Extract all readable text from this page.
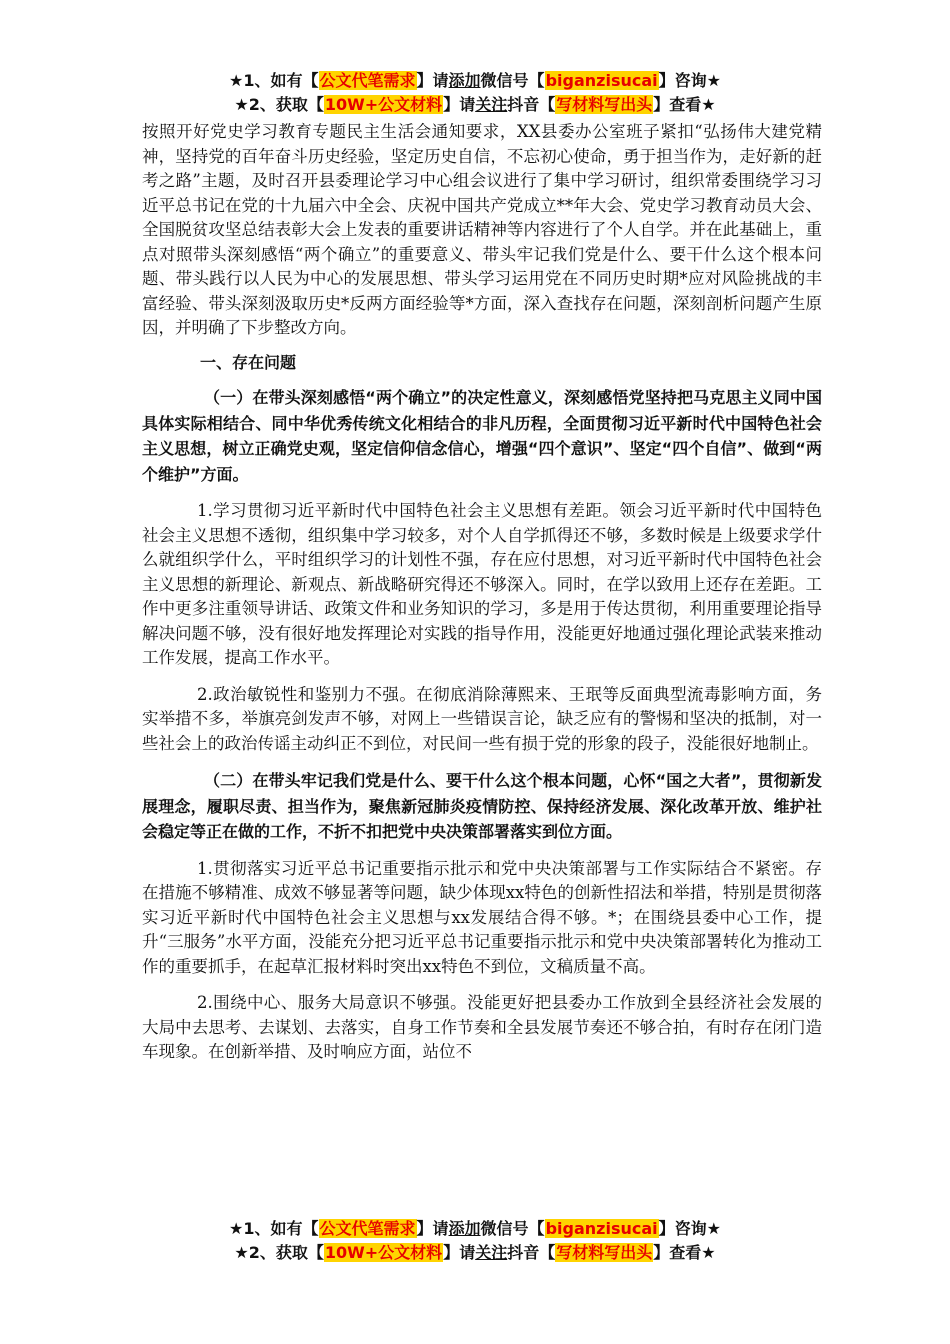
★1、如有【公文代笔需求】请添加微信号【biganzisucai】咨询★
★2、获取【10W+公文材料】请关注抖音【写材料写出头】查看★

按照开好党史学习教育专题民主生活会通知要求，XX县委办公室班子紧扣“弘扬伟大建党精神，坚持党的百年奋斗历史经验，坚定历史自信，不忘初心使命，勇于担当作为，走好新的赶考之路”主题，及时召开县委理论学习中心组会议进行了集中学习研讨，组织常委围绕学习习近平总书记在党的十九届六中全会、庆祝中国共产党成立**年大会、党史学习教育动员大会、全国脱贫攻坚总结表彰大会上发表的重要讲话精神等内容进行了个人自学。并在此基础上，重点对照带头深刻感悟“两个确立”的重要意义、带头牢记我们党是什么、要干什么这个根本问题、带头践行以人民为中心的发展思想、带头学习运用党在不同历史时期*应对风险挑战的丰富经验、带头深刻汲取历史*反两方面经验等*方面，深入查找存在问题，深刻剖析问题产生原因，并明确了下步整改方向。

一、存在问题

（一）在带头深刻感悟“两个确立”的决定性意义，深刻感悟党坚持把马克思主义同中国具体实际相结合、同中华优秀传统文化相结合的非凡历程，全面贯彻习近平新时代中国特色社会主义思想，树立正确党史观，坚定信仰信念信心，增强“四个意识”、坚定“四个自信”、做到“两个维护”方面。

1.学习贯彻习近平新时代中国特色社会主义思想有差距。领会习近平新时代中国特色社会主义思想不透彻，组织集中学习较多，对个人自学抓得还不够，多数时候是上级要求学什么就组织学什么，平时组织学习的计划性不强，存在应付思想，对习近平新时代中国特色社会主义思想的新理论、新观点、新战略研究得还不够深入。同时，在学以致用上还存在差距。工作中更多注重领导讲话、政策文件和业务知识的学习，多是用于传达贯彻，利用重要理论指导解决问题不够，没有很好地发挥理论对实践的指导作用，没能更好地通过强化理论武装来推动工作发展，提高工作水平。

2.政治敏锐性和鉴别力不强。在彻底消除薄熙来、王珉等反面典型流毒影响方面，务实举措不多，举旗亮剑发声不够，对网上一些错误言论，缺乏应有的警惕和坚决的抵制，对一些社会上的政治传谣主动纠正不到位，对民间一些有损于党的形象的段子，没能很好地制止。

（二）在带头牢记我们党是什么、要干什么这个根本问题，心怀“国之大者”，贯彻新发展理念，履职尽责、担当作为，聚焦新冠肺炎疫情防控、保持经济发展、深化改革开放、维护社会稳定等正在做的工作，不折不扣把党中央决策部署落实到位方面。

1.贯彻落实习近平总书记重要指示批示和党中央决策部署与工作实际结合不紧密。存在措施不够精准、成效不够显著等问题，缺少体现xx特色的创新性招法和举措，特别是贯彻落实习近平新时代中国特色社会主义思想与xx发展结合得不够。*；在围绕县委中心工作，提升“三服务”水平方面，没能充分把习近平总书记重要指示批示和党中央决策部署转化为推动工作的重要抓手，在起草汇报材料时突出xx特色不到位，文稿质量不高。

2.围绕中心、服务大局意识不够强。没能更好把县委办工作放到全县经济社会发展的大局中去思考、去谋划、去落实，自身工作节奏和全县发展节奏还不够合拍，有时存在闭门造车现象。在创新举措、及时响应方面，站位不

★1、如有【公文代笔需求】请添加微信号【biganzisucai】咨询★
★2、获取【10W+公文材料】请关注抖音【写材料写出头】查看★
